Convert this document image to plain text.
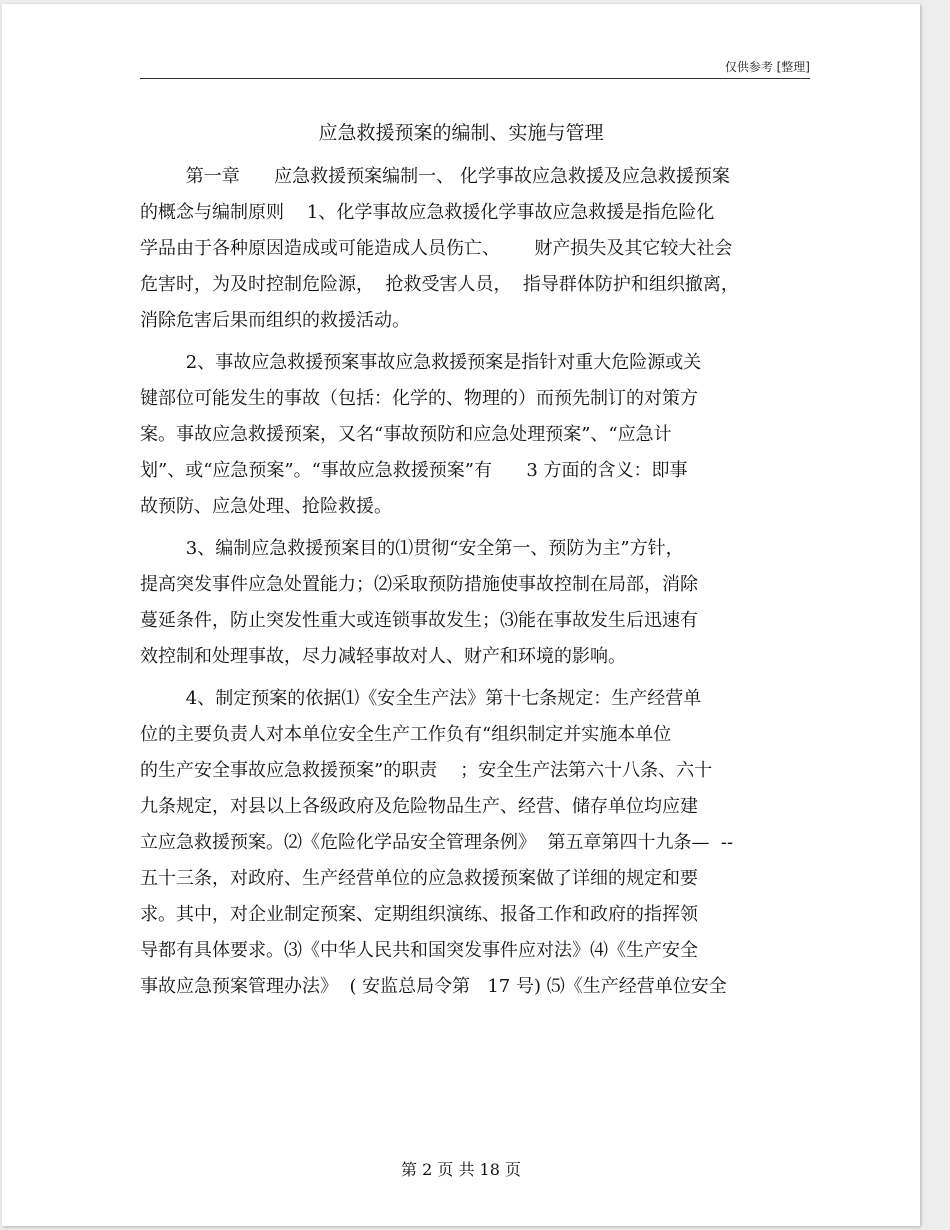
仅供参考 [整理]
应急救援预案的编制、实施与管理
第一章      应急救援预案编制一、 化学事故应急救援及应急救援预案
的概念与编制原则    1、化学事故应急救援化学事故应急救援是指危险化
学品由于各种原因造成或可能造成人员伤亡、      财产损失及其它较大社会
危害时，为及时控制危险源，  抢救受害人员，  指导群体防护和组织撤离，
消除危害后果而组织的救援活动。
2、事故应急救援预案事故应急救援预案是指针对重大危险源或关
键部位可能发生的事故（包括：化学的、物理的）而预先制订的对策方
案。事故应急救援预案，又名“事故预防和应急处理预案”、“应急计
划”、或“应急预案”。“事故应急救援预案”有      3 方面的含义：即事
故预防、应急处理、抢险救援。
3、编制应急救援预案目的⑴贯彻“安全第一、预防为主”方针，
提高突发事件应急处置能力；⑵采取预防措施使事故控制在局部，消除
蔓延条件，防止突发性重大或连锁事故发生；⑶能在事故发生后迅速有
效控制和处理事故，尽力减轻事故对人、财产和环境的影响。
4、制定预案的依据⑴《安全生产法》第十七条规定：生产经营单
位的主要负责人对本单位安全生产工作负有“组织制定并实施本单位
的生产安全事故应急救援预案”的职责    ；安全生产法第六十八条、六十
九条规定，对县以上各级政府及危险物品生产、经营、储存单位均应建
立应急救援预案。⑵《危险化学品安全管理条例》  第五章第四十九条—  --
五十三条，对政府、生产经营单位的应急救援预案做了详细的规定和要
求。其中，对企业制定预案、定期组织演练、报备工作和政府的指挥领
导都有具体要求。⑶《中华人民共和国突发事件应对法》⑷《生产安全
事故应急预案管理办法》  ( 安监总局令第   17 号) ⑸《生产经营单位安全
第 2 页 共 18 页
